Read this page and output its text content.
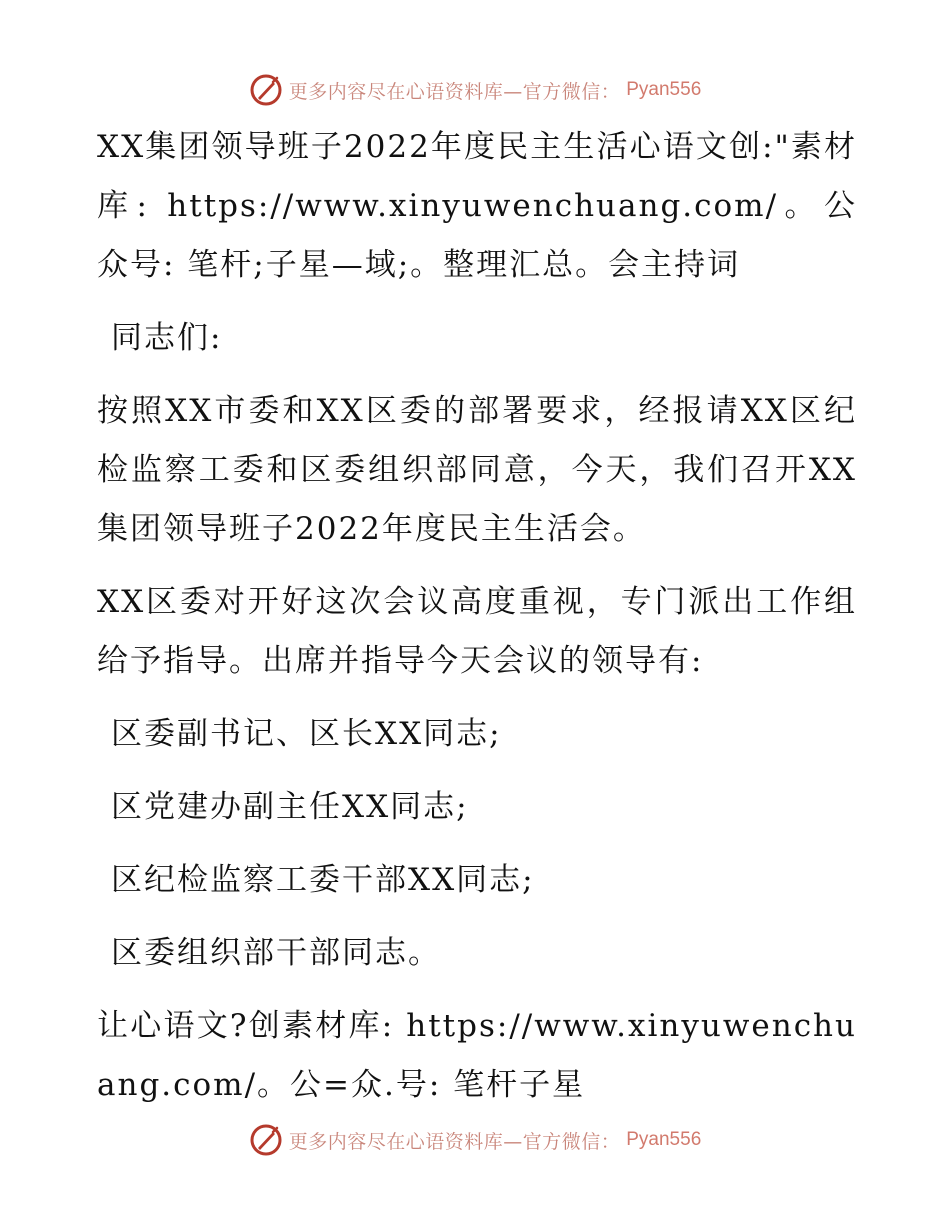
更多内容尽在心语资料库—官方微信： Pyan556

XX集团领导班子2022年度民主生活心语文创:"素材库: https://www.xinyuwenchuang.com/。公众号: 笔杆;子星—域;。整理汇总。会主持词

同志们:

按照XX市委和XX区委的部署要求，经报请XX区纪检监察工委和区委组织部同意，今天，我们召开XX集团领导班子2022年度民主生活会。

XX区委对开好这次会议高度重视，专门派出工作组给予指导。出席并指导今天会议的领导有:

区委副书记、区长XX同志;

区党建办副主任XX同志;

区纪检监察工委干部XX同志;

区委组织部干部同志。

让心语文?创素材库: https://www.xinyuwenchuang.com/。公=众.号: 笔杆子星

更多内容尽在心语资料库—官方微信： Pyan556
